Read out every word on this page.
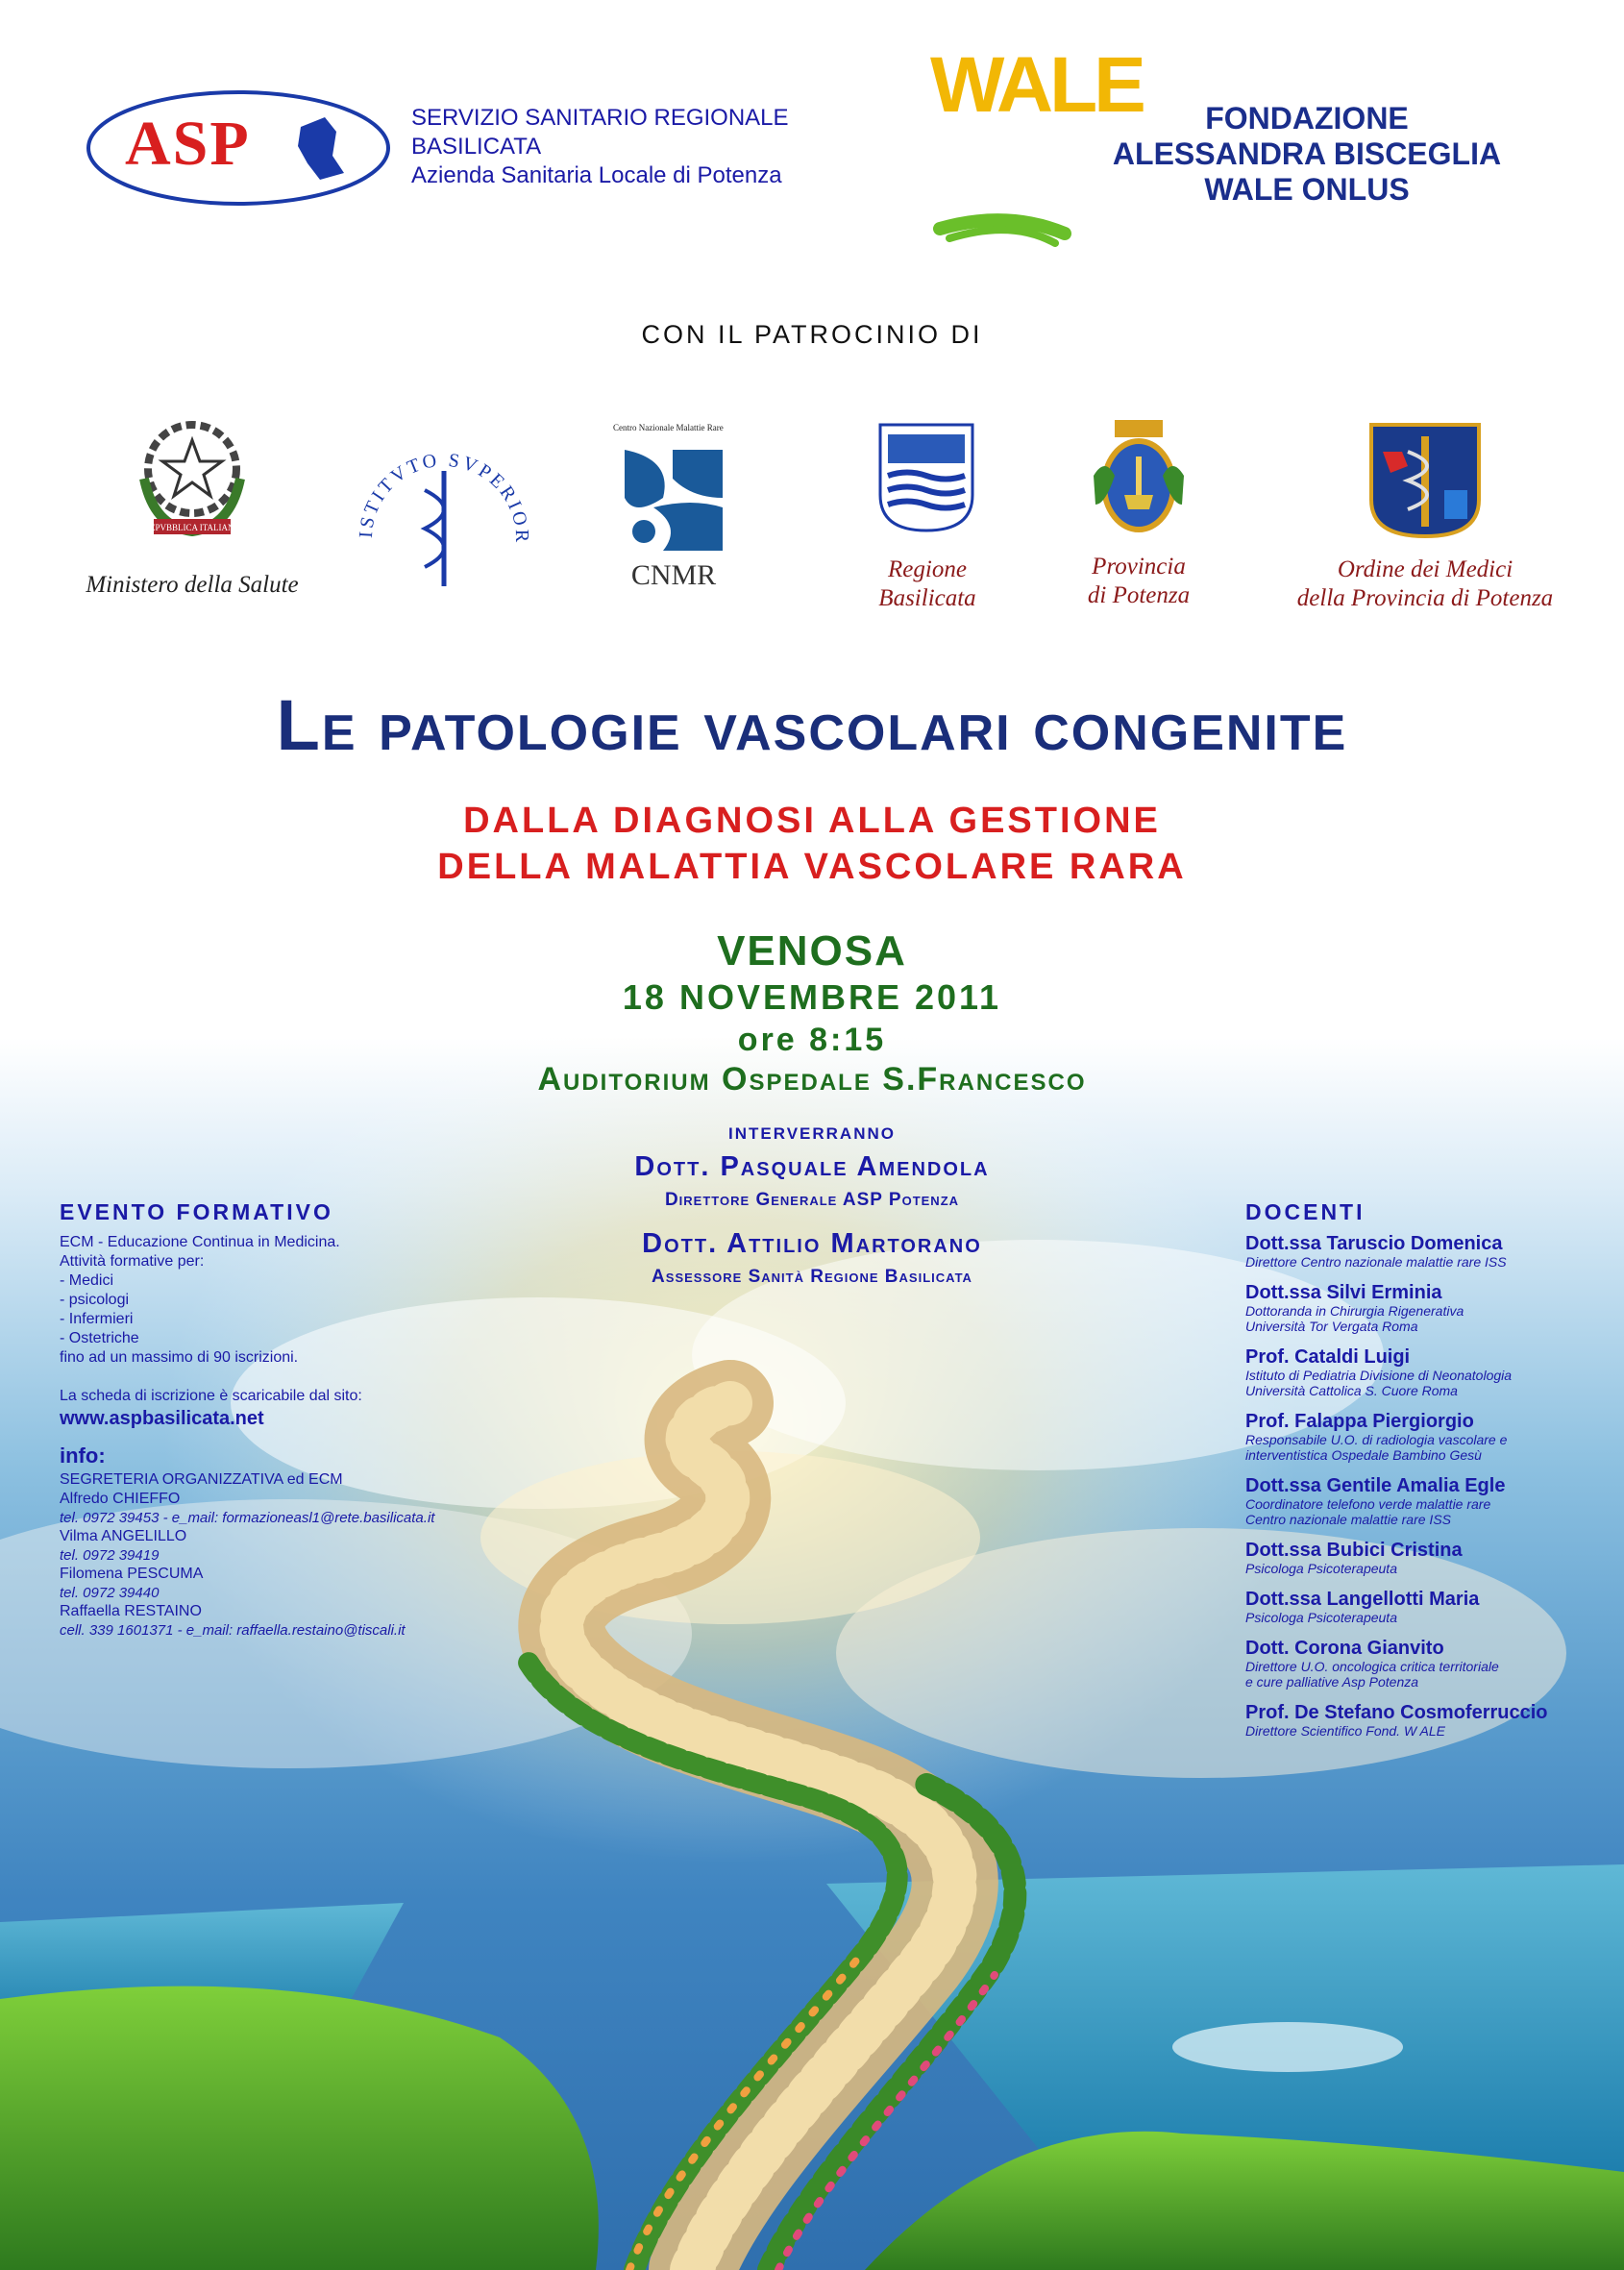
ASP	SERVIZIO SANITARIO REGIONALE
BASILICATA
Azienda Sanitaria Locale di Potenza
WALE	FONDAZIONE
ALESSANDRA BISCEGLIA
WALE ONLUS
CON IL PATROCINIO DI
REPVBBLICA ITALIANA
Ministero della Salute
ISTITVTO SVPERIOR
Centro Nazionale Malattie Rare
CNMR	Regione
Basilicata
Provincia
di Potenza
Ordine dei Medici
della Provincia di Potenza
Le patologie vascolari congenite
DALLA DIAGNOSI ALLA GESTIONE
DELLA MALATTIA VASCOLARE RARA
VENOSA
18 NOVEMBRE 2011
ore 8:15
Auditorium Ospedale S.Francesco
INTERVERRANNO
Dott. Pasquale Amendola
Direttore Generale ASP Potenza
Dott. Attilio Martorano
Assessore Sanità Regione Basilicata
EVENTO FORMATIVO

ECM - Educazione Continua in Medicina.

Attività formative per:

- Medici

- psicologi

- Infermieri

- Ostetriche

fino ad un massimo di 90 iscrizioni.

La scheda di iscrizione è scaricabile dal sito:

www.aspbasilicata.net
info:

SEGRETERIA ORGANIZZATIVA ed ECM

Alfredo CHIEFFO

tel. 0972 39453 - e_mail: formazioneasl1@rete.basilicata.it

Vilma ANGELILLO

tel. 0972 39419

Filomena PESCUMA

tel. 0972 39440

Raffaella RESTAINO

cell. 339 1601371 - e_mail: raffaella.restaino@tiscali.it

DOCENTI

Dott.ssa Taruscio Domenica

Direttore Centro nazionale malattie rare ISS

Dott.ssa Silvi Erminia

Dottoranda in Chirurgia Rigenerativa

Università Tor Vergata Roma

Prof. Cataldi Luigi

Istituto di Pediatria Divisione di Neonatologia

Università Cattolica S. Cuore Roma

Prof. Falappa Piergiorgio

Responsabile U.O. di radiologia vascolare e

interventistica Ospedale Bambino Gesù

Dott.ssa Gentile Amalia Egle

Coordinatore telefono verde malattie rare

Centro nazionale malattie rare ISS

Dott.ssa Bubici Cristina

Psicologa Psicoterapeuta

Dott.ssa Langellotti Maria

Psicologa Psicoterapeuta

Dott. Corona Gianvito

Direttore U.O. oncologica critica territoriale

e cure palliative Asp Potenza

Prof. De Stefano Cosmoferruccio

Direttore Scientifico Fond. W ALE
